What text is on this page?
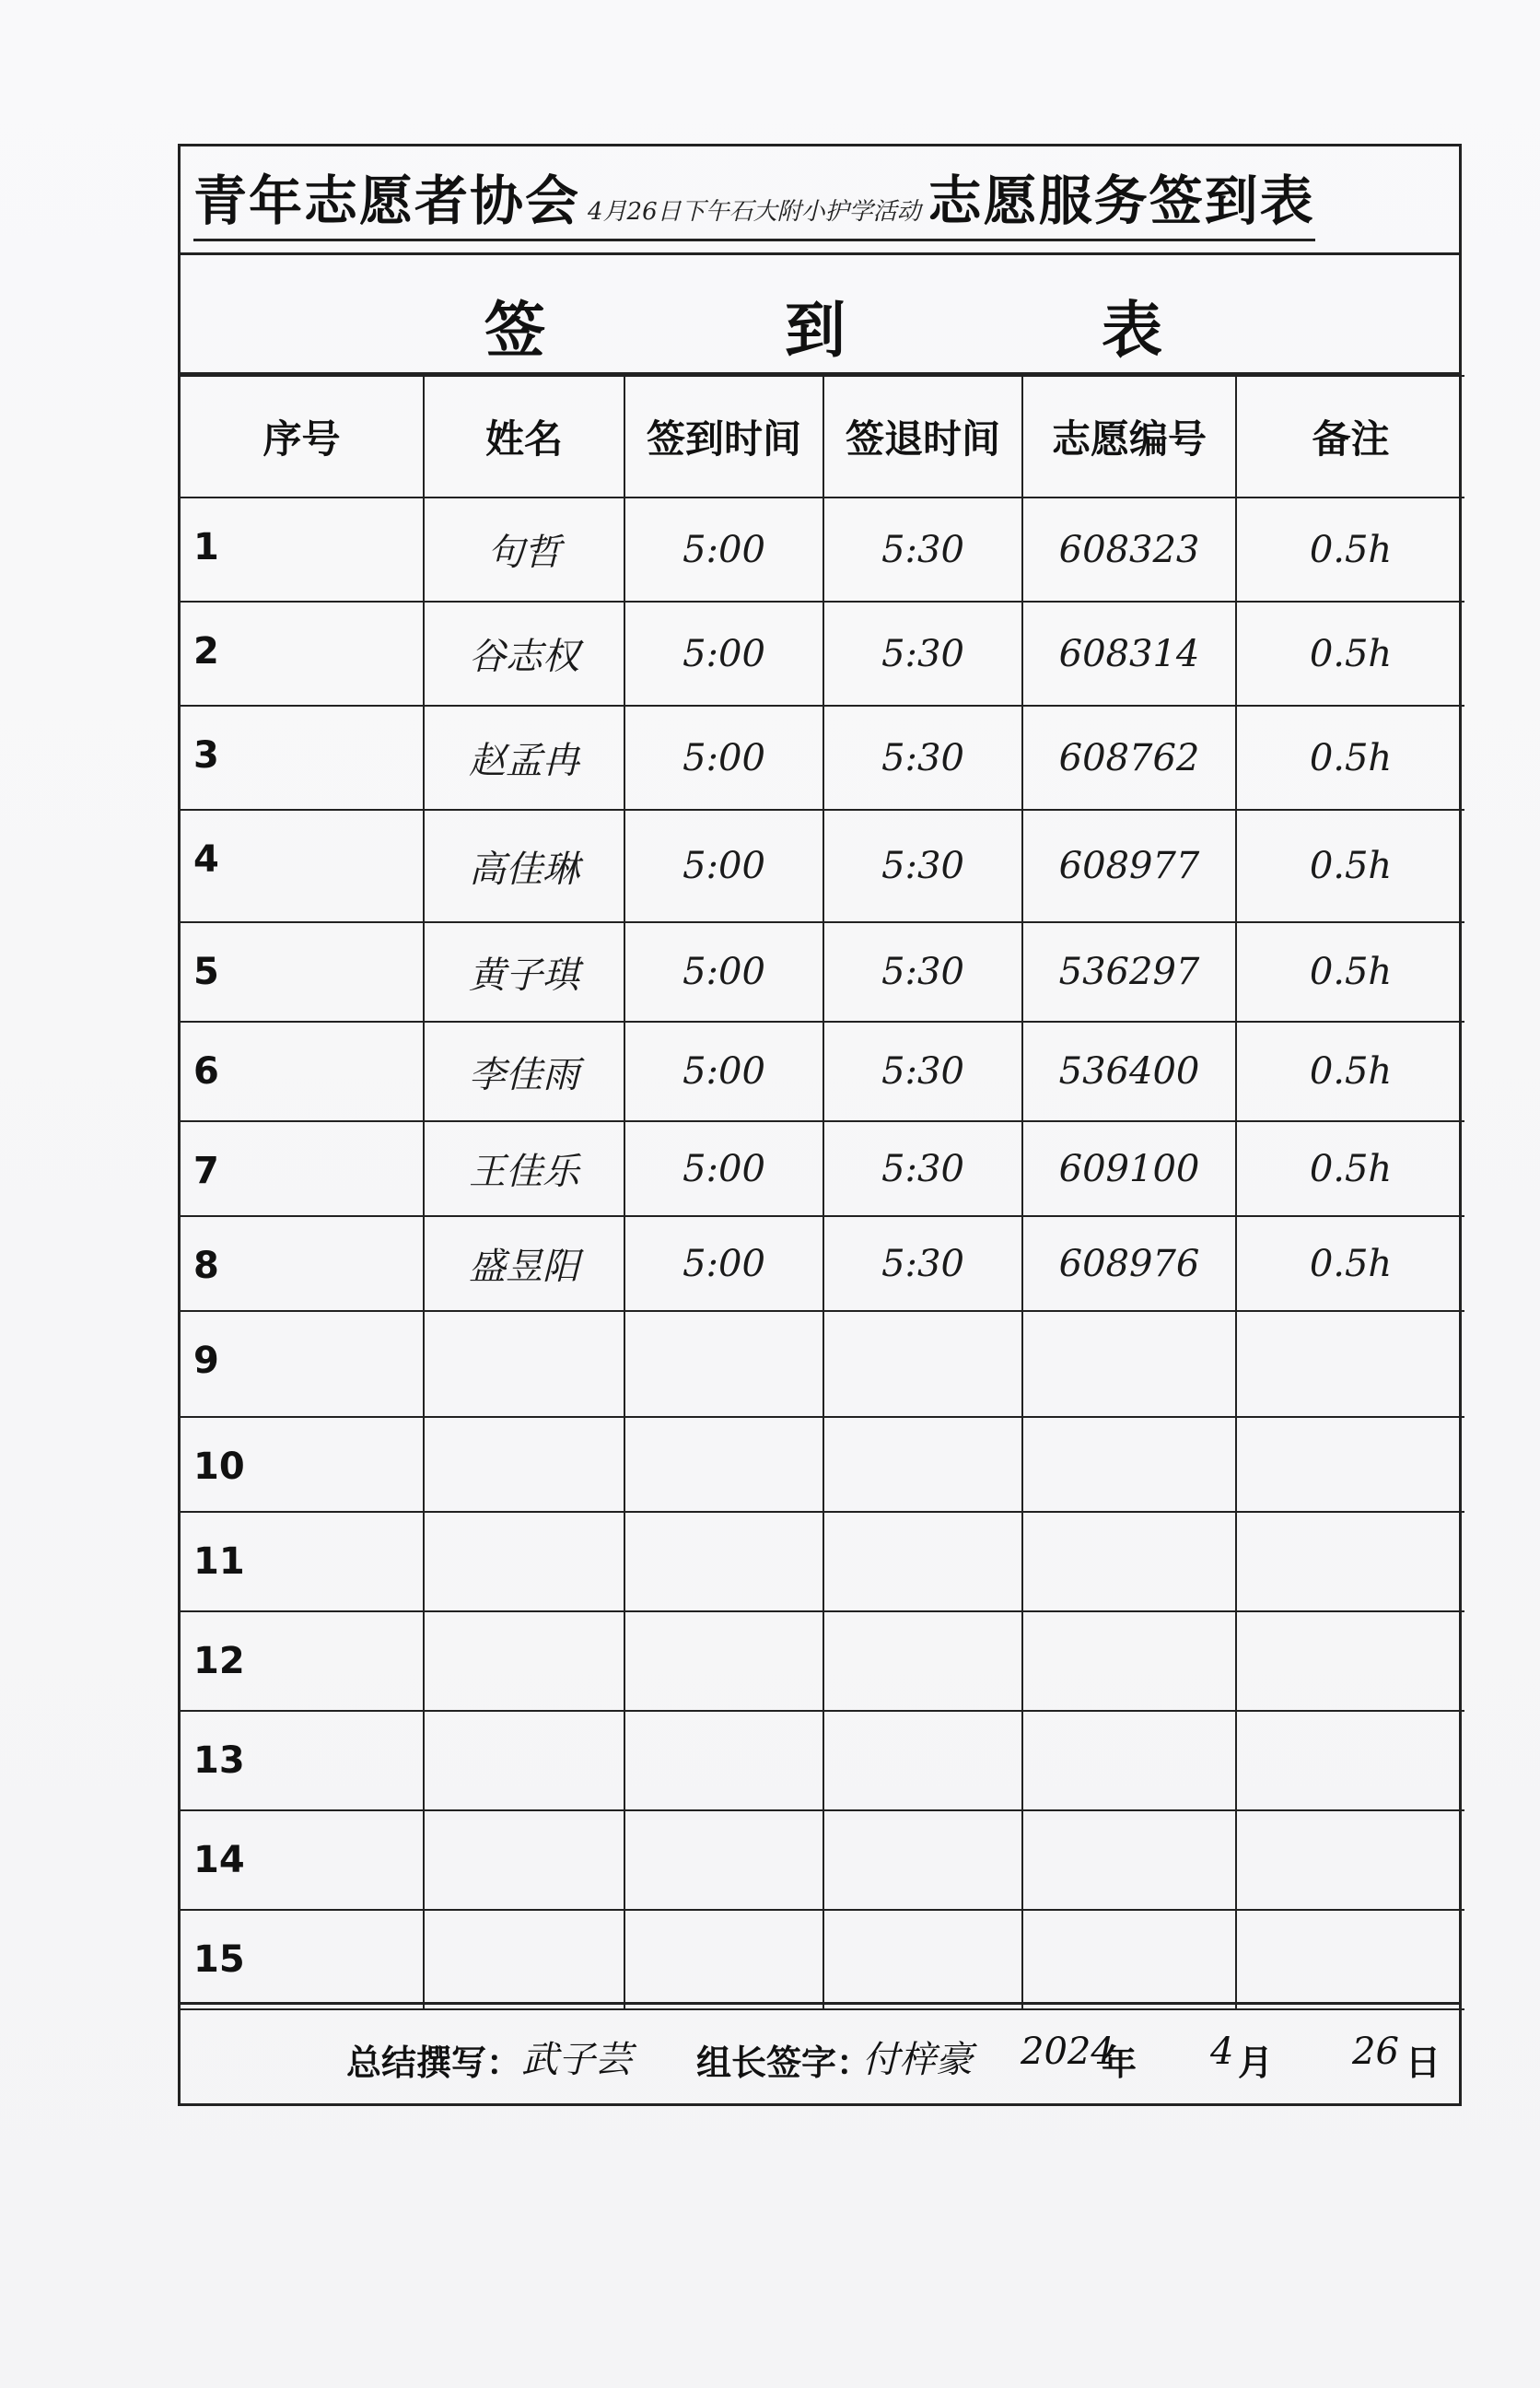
青年志愿者协会 4月26日下午石大附小护学活动 志愿服务签到表
签	到	表
序号	姓名	签到时间	签退时间	志愿编号	备注
1	句哲	5:00	5:30	608323	0.5h
2	谷志权	5:00	5:30	608314	0.5h
3	赵孟冉	5:00	5:30	608762	0.5h
4	高佳琳	5:00	5:30	608977	0.5h
5	黄子琪	5:00	5:30	536297	0.5h
6	李佳雨	5:00	5:30	536400	0.5h
7	王佳乐	5:00	5:30	609100	0.5h
8	盛昱阳	5:00	5:30	608976	0.5h
9					
10					
11					
12					
13					
14					
15					
总结撰写： 武子芸 组长签字：
付梓豪 2024
年 4 月 26 日
